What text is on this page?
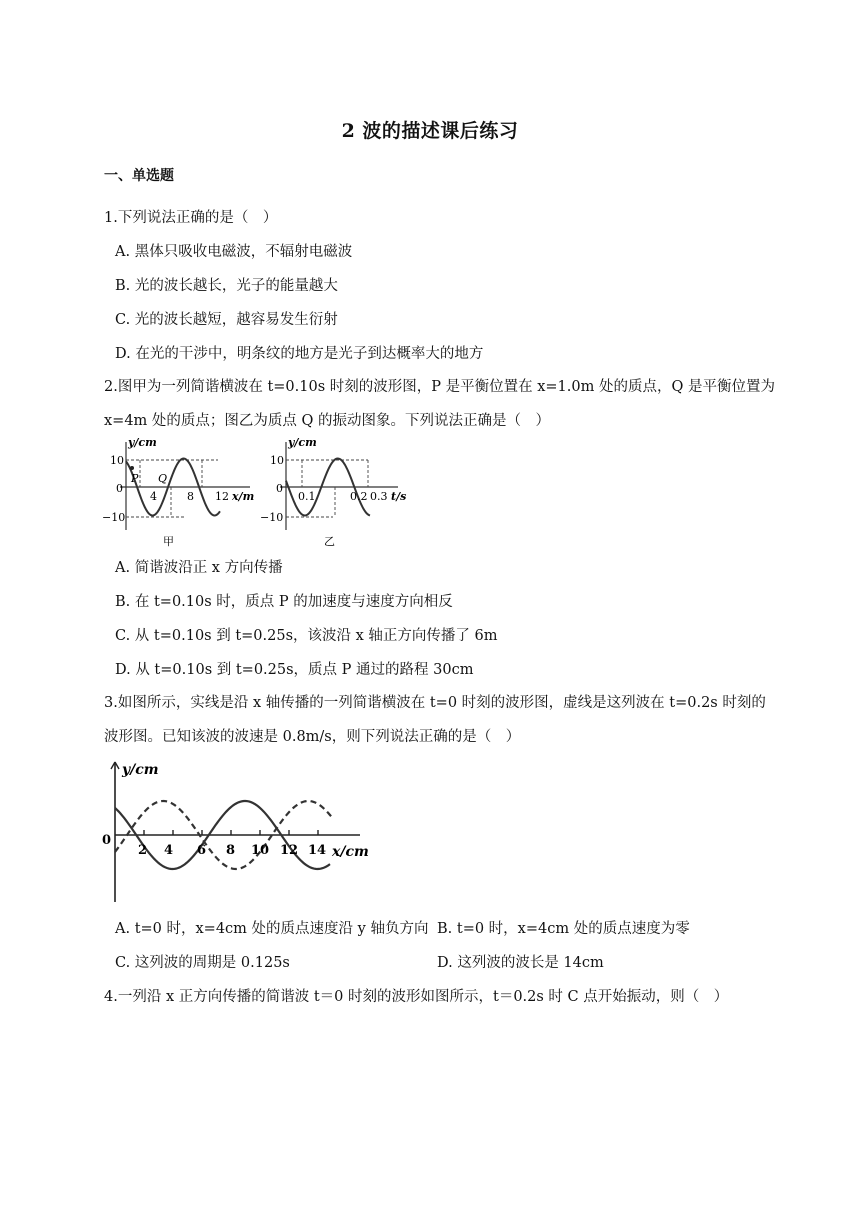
2 波的描述课后练习
一、单选题
1.下列说法正确的是（　）
A. 黑体只吸收电磁波，不辐射电磁波
B. 光的波长越长，光子的能量越大
C. 光的波长越短，越容易发生衍射
D. 在光的干涉中，明条纹的地方是光子到达概率大的地方
2.图甲为一列简谐横波在 t=0.10s 时刻的波形图，P 是平衡位置在 x=1.0m 处的质点，Q 是平衡位置为
x=4m 处的质点；图乙为质点 Q 的振动图象。下列说法正确是（　）
y/cm
10
0
−10
P Q
4	8 12 x/m
甲
y/cm
10
0
−10
0.1	0.2 0.3 t/s
乙
A. 简谐波沿正 x 方向传播
B. 在 t=0.10s 时，质点 P 的加速度与速度方向相反
C. 从 t=0.10s 到 t=0.25s，该波沿 x 轴正方向传播了 6m
D. 从 t=0.10s 到 t=0.25s，质点 P 通过的路程 30cm
3.如图所示，实线是沿 x 轴传播的一列简谐横波在 t=0 时刻的波形图，虚线是这列波在 t=0.2s 时刻的
波形图。已知该波的波速是 0.8m/s，则下列说法正确的是（　）
y/cm
0
2 4 6 8 10 12 14 x/cm
A. t=0 时，x=4cm 处的质点速度沿 y 轴负方向 B. t=0 时，x=4cm 处的质点速度为零
C. 这列波的周期是 0.125s	D. 这列波的波长是 14cm
4.一列沿 x 正方向传播的简谐波 t＝0 时刻的波形如图所示，t＝0.2s 时 C 点开始振动，则（　）
